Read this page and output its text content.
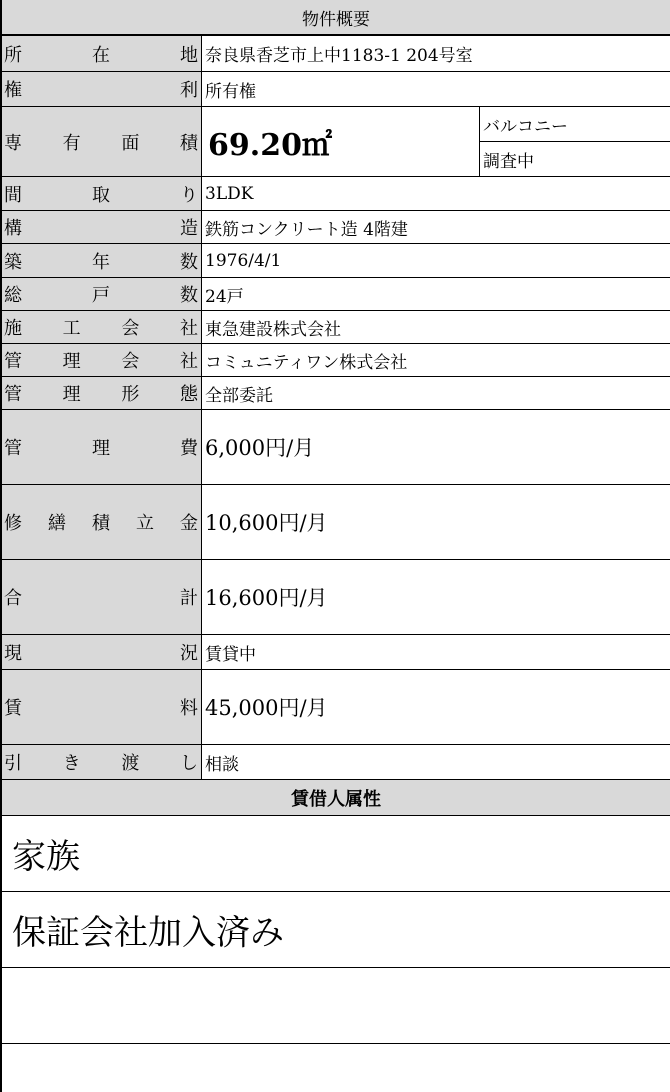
物件概要
所	在	地 奈良県香芝市上中1183-1 204号室
権	利 所有権
専 有 面 積 69.20㎡
バルコニー
調査中
間	取	り 3LDK
構	造 鉄筋コンクリート造 4階建
築	年	数 1976/4/1
総	戸	数 24戸
施 工 会 社 東急建設株式会社
管 理 会 社 コミュニティワン株式会社
管 理 形 態 全部委託
管	理	費 6,000円/月
修 繕 積 立 金 10,600円/月
合	計 16,600円/月
現	況 賃貸中
賃	料 45,000円/月
引 き 渡 し 相談
賃借人属性
家族
保証会社加入済み
